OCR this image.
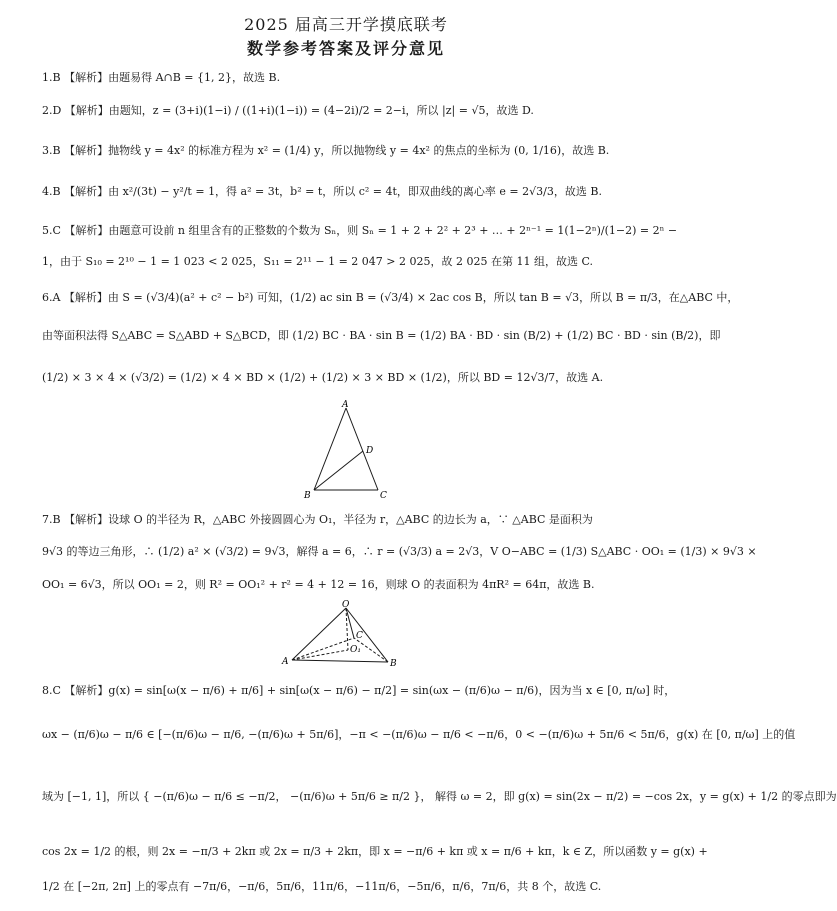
2025 届高三开学摸底联考
数学参考答案及评分意见
1.B 【解析】由题易得 A∩B = {1, 2}，故选 B.
2.D 【解析】由题知，z = (3+i)(1−i) / ((1+i)(1−i)) = (4−2i)/2 = 2−i，所以 |z| = √5，故选 D.
3.B 【解析】抛物线 y = 4x² 的标准方程为 x² = (1/4) y，所以抛物线 y = 4x² 的焦点的坐标为 (0, 1/16)，故选 B.
4.B 【解析】由 x²/(3t) − y²/t = 1，得 a² = 3t，b² = t，所以 c² = 4t，即双曲线的离心率 e = 2√3/3，故选 B.
5.C 【解析】由题意可设前 n 组里含有的正整数的个数为 Sₙ，则 Sₙ = 1 + 2 + 2² + 2³ + … + 2ⁿ⁻¹ = 1(1−2ⁿ)/(1−2) = 2ⁿ −
1，由于 S₁₀ = 2¹⁰ − 1 = 1 023 < 2 025，S₁₁ = 2¹¹ − 1 = 2 047 > 2 025，故 2 025 在第 11 组，故选 C.
6.A 【解析】由 S = (√3/4)(a² + c² − b²) 可知，(1/2) ac sin B = (√3/4) × 2ac cos B，所以 tan B = √3，所以 B = π/3，在△ABC 中，
由等面积法得 S△ABC = S△ABD + S△BCD，即 (1/2) BC · BA · sin B = (1/2) BA · BD · sin (B/2) + (1/2) BC · BD · sin (B/2)，即
(1/2) × 3 × 4 × (√3/2) = (1/2) × 4 × BD × (1/2) + (1/2) × 3 × BD × (1/2)，所以 BD = 12√3/7，故选 A.
A
D
B	C
7.B 【解析】设球 O 的半径为 R，△ABC 外接圆圆心为 O₁，半径为 r，△ABC 的边长为 a，∵ △ABC 是面积为
9√3 的等边三角形，∴ (1/2) a² × (√3/2) = 9√3，解得 a = 6，∴ r = (√3/3) a = 2√3，V O−ABC = (1/3) S△ABC · OO₁ = (1/3) × 9√3 ×
OO₁ = 6√3，所以 OO₁ = 2，则 R² = OO₁² + r² = 4 + 12 = 16，则球 O 的表面积为 4πR² = 64π，故选 B.
O
C
O₁
A	B
8.C 【解析】g(x) = sin[ω(x − π/6) + π/6] + sin[ω(x − π/6) − π/2] = sin(ωx − (π/6)ω − π/6)，因为当 x ∈ [0, π/ω] 时，
ωx − (π/6)ω − π/6 ∈ [−(π/6)ω − π/6, −(π/6)ω + 5π/6]，−π < −(π/6)ω − π/6 < −π/6，0 < −(π/6)ω + 5π/6 < 5π/6，g(x) 在 [0, π/ω] 上的值
域为 [−1, 1]，所以 { −(π/6)ω − π/6 ≤ −π/2， −(π/6)ω + 5π/6 ≥ π/2 }， 解得 ω = 2，即 g(x) = sin(2x − π/2) = −cos 2x，y = g(x) + 1/2 的零点即为
cos 2x = 1/2 的根，则 2x = −π/3 + 2kπ 或 2x = π/3 + 2kπ，即 x = −π/6 + kπ 或 x = π/6 + kπ，k ∈ Z，所以函数 y = g(x) +
1/2 在 [−2π, 2π] 上的零点有 −7π/6，−π/6，5π/6，11π/6，−11π/6，−5π/6，π/6，7π/6，共 8 个，故选 C.
